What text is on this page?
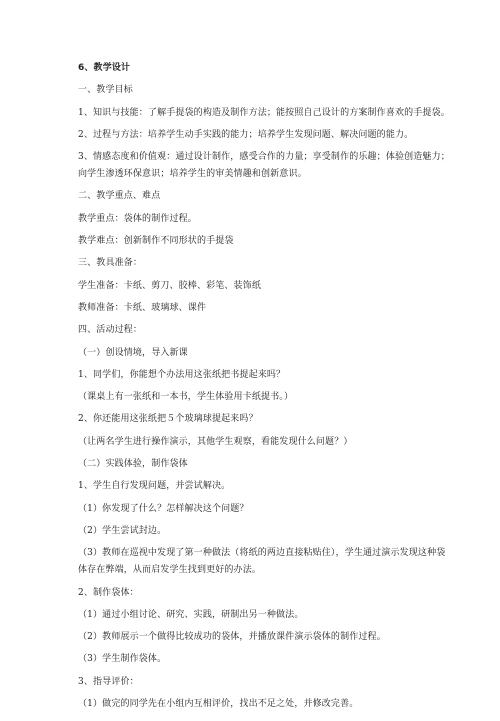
6、教学设计
一、教学目标
1、知识与技能：了解手提袋的构造及制作方法；能按照自己设计的方案制作喜欢的手提袋。
2、过程与方法：培养学生动手实践的能力；培养学生发现问题、解决问题的能力。
3、情感态度和价值观：通过设计制作，感受合作的力量；享受制作的乐趣；体验创造魅力；
向学生渗透环保意识；培养学生的审美情趣和创新意识。
二、教学重点、难点
教学重点：袋体的制作过程。
教学难点：创新制作不同形状的手提袋
三、教具准备：
学生准备：卡纸、剪刀、胶棒、彩笔、装饰纸
教师准备：卡纸、玻璃球、课件
四、活动过程：
（一）创设情境，导入新课
1、同学们，你能想个办法用这张纸把书提起来吗？
（课桌上有一张纸和一本书，学生体验用卡纸提书。）
2、你还能用这张纸把５个玻璃球提起来吗？
（让两名学生进行操作演示，其他学生观察，看能发现什么问题？）
（二）实践体验，制作袋体
1、学生自行发现问题，并尝试解决。
（1）你发现了什么？怎样解决这个问题？
（2）学生尝试封边。
（3）教师在巡视中发现了第一种做法（将纸的两边直接粘贴住），学生通过演示发现这种袋
体存在弊端，从而启发学生找到更好的办法。
2、制作袋体：
（1）通过小组讨论、研究、实践，研制出另一种做法。
（2）教师展示一个做得比较成功的袋体，并播放课件演示袋体的制作过程。
（3）学生制作袋体。
3、指导评价：
（1）做完的同学先在小组内互相评价，找出不足之处，并修改完善。
